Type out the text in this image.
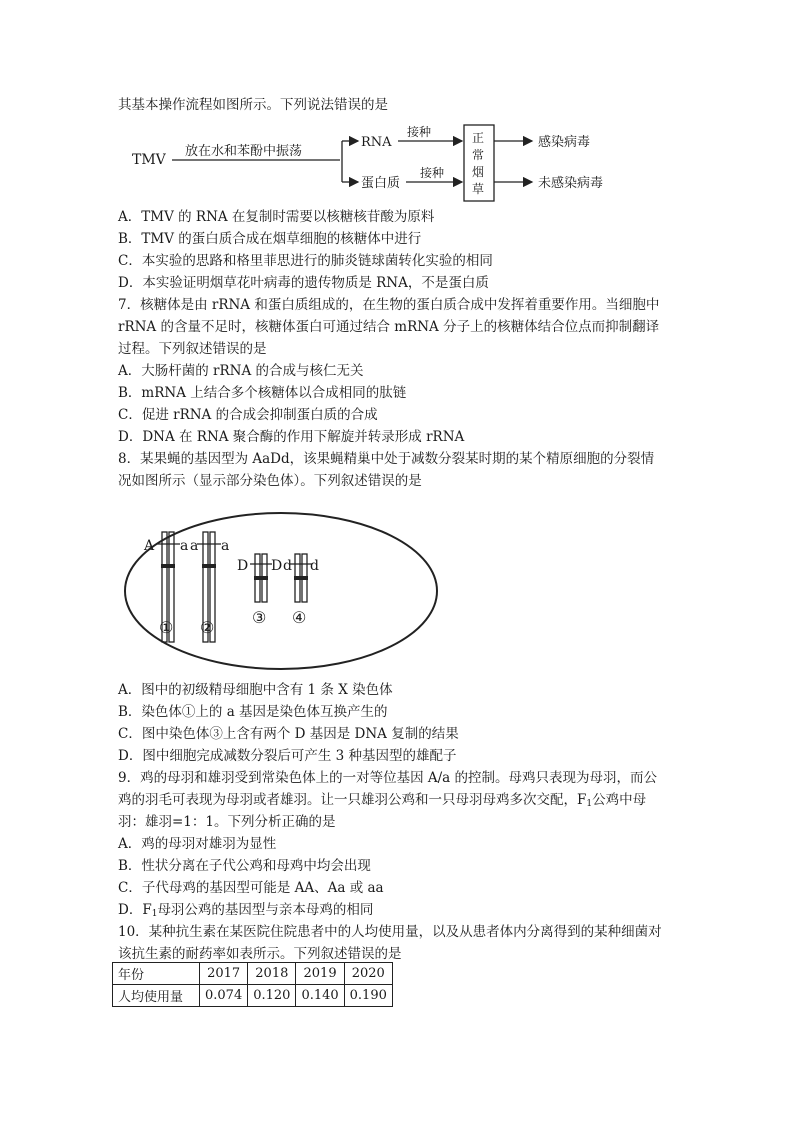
其基本操作流程如图所示。下列说法错误的是
TMV
放在水和苯酚中振荡
RNA
蛋白质
接种
接种
正
常
烟
草
感染病毒
未感染病毒
A．TMV 的 RNA 在复制时需要以核糖核苷酸为原料
B．TMV 的蛋白质合成在烟草细胞的核糖体中进行
C．本实验的思路和格里菲思进行的肺炎链球菌转化实验的相同
D．本实验证明烟草花叶病毒的遗传物质是 RNA，不是蛋白质
7．核糖体是由 rRNA 和蛋白质组成的，在生物的蛋白质合成中发挥着重要作用。当细胞中
rRNA 的含量不足时，核糖体蛋白可通过结合 mRNA 分子上的核糖体结合位点而抑制翻译
过程。下列叙述错误的是
A．大肠杆菌的 rRNA 的合成与核仁无关
B．mRNA 上结合多个核糖体以合成相同的肽链
C．促进 rRNA 的合成会抑制蛋白质的合成
D．DNA 在 RNA 聚合酶的作用下解旋并转录形成 rRNA
8．某果蝇的基因型为 AaDd，该果蝇精巢中处于减数分裂某时期的某个精原细胞的分裂情
况如图所示（显示部分染色体）。下列叙述错误的是
A a a a
D D d d
① ②
③ ④
A．图中的初级精母细胞中含有 1 条 X 染色体
B．染色体①上的 a 基因是染色体互换产生的
C．图中染色体③上含有两个 D 基因是 DNA 复制的结果
D．图中细胞完成减数分裂后可产生 3 种基因型的雄配子
9．鸡的母羽和雄羽受到常染色体上的一对等位基因 A/a 的控制。母鸡只表现为母羽，而公
鸡的羽毛可表现为母羽或者雄羽。让一只雄羽公鸡和一只母羽母鸡多次交配，$F_1$公鸡中母
羽：雄羽=1：1。下列分析正确的是
A．鸡的母羽对雄羽为显性
B．性状分离在子代公鸡和母鸡中均会出现
C．子代母鸡的基因型可能是 AA、Aa 或 aa
D．$F_1$母羽公鸡的基因型与亲本母鸡的相同
10．某种抗生素在某医院住院患者中的人均使用量，以及从患者体内分离得到的某种细菌对
该抗生素的耐药率如表所示。下列叙述错误的是
年份	2017	2018	2019	2020
人均使用量	0.074	0.120	0.140	0.190
